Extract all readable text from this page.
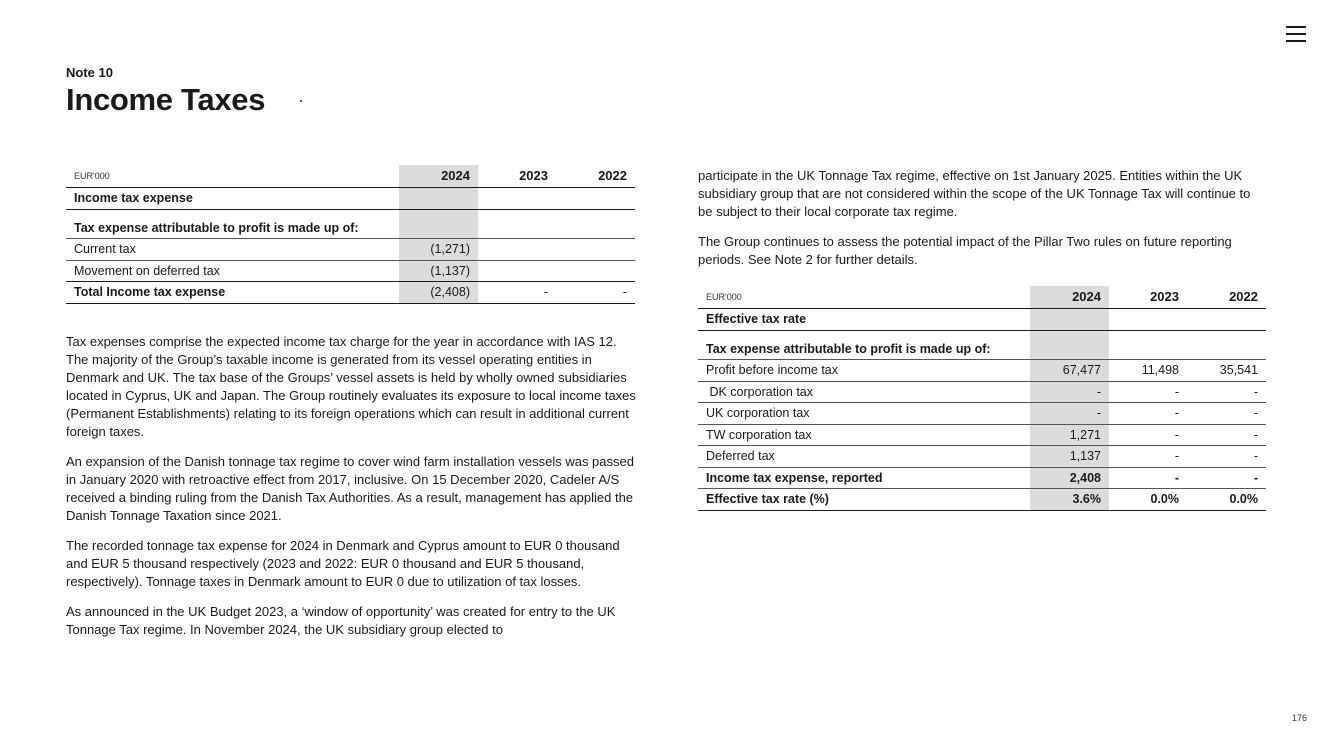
Note 10
Income Taxes
EUR'000	2024	2023	2022
Income tax expense			

Tax expense attributable to profit is made up of:			
Current tax	(1,271)		
Movement on deferred tax	(1,137)		
Total Income tax expense	(2,408)	-	-

Tax expenses comprise the expected income tax charge for the year in accordance with IAS 12. The majority of the Group’s taxable income is generated from its vessel operating entities in Denmark and UK. The tax base of the Groups’ vessel assets is held by wholly owned subsidiaries located in Cyprus, UK and Japan. The Group routinely evaluates its exposure to local income taxes (Permanent Establishments) relating to its foreign operations which can result in additional current foreign taxes.

An expansion of the Danish tonnage tax regime to cover wind farm installation vessels was passed in January 2020 with retroactive effect from 2017, inclusive. On 15 December 2020, Cadeler A/S received a binding ruling from the Danish Tax Authorities. As a result, management has applied the Danish Tonnage Taxation since 2021.

The recorded tonnage tax expense for 2024 in Denmark and Cyprus amount to EUR 0 thousand and EUR 5 thousand respectively (2023 and 2022: EUR 0 thousand and EUR 5 thousand, respectively). Tonnage taxes in Denmark amount to EUR 0 due to utilization of tax losses.

As announced in the UK Budget 2023, a ‘window of opportunity’ was created for entry to the UK Tonnage Tax regime. In November 2024, the UK subsidiary group elected to

participate in the UK Tonnage Tax regime, effective on 1st January 2025. Entities within the UK subsidiary group that are not considered within the scope of the UK Tonnage Tax will continue to be subject to their local corporate tax regime.

The Group continues to assess the potential impact of the Pillar Two rules on future reporting periods. See Note 2 for further details.

EUR'000	2024	2023	2022
Effective tax rate			

Tax expense attributable to profit is made up of:			
Profit before income tax	67,477	11,498	35,541
DK corporation tax	-	-	-
UK corporation tax	-	-	-
TW corporation tax	1,271	-	-
Deferred tax	1,137	-	-
Income tax expense, reported	2,408	-	-
Effective tax rate (%)	3.6%	0.0%	0.0%
176
